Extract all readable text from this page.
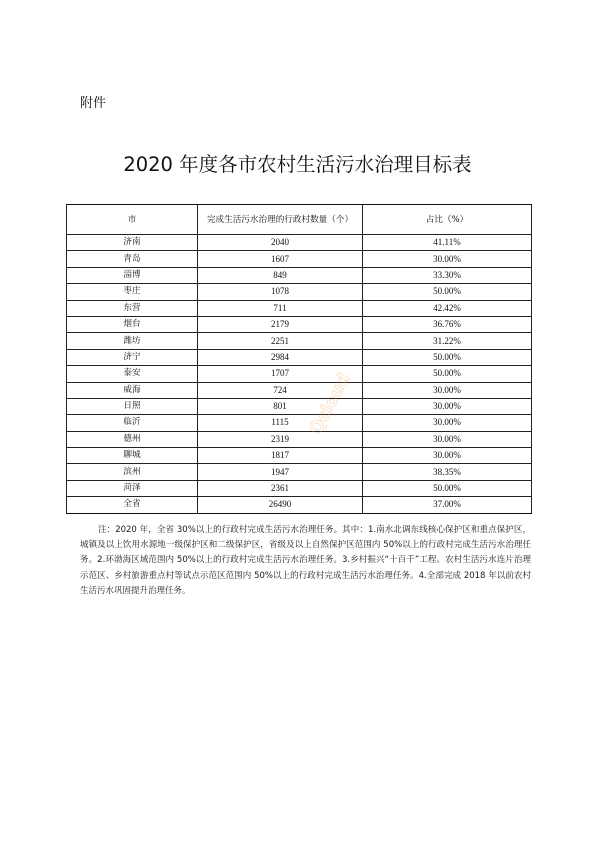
附件
2020 年度各市农村生活污水治理目标表
市	完成生活污水治理的行政村数量（个）	占比（%）
济南	2040	41.11%
青岛	1607	30.00%
淄博	849	33.30%
枣庄	1078	50.00%
东营	711	42.42%
烟台	2179	36.76%
潍坊	2251	31.22%
济宁	2984	50.00%
泰安	1707	50.00%
威海	724	30.00%
日照	801	30.00%
临沂	1115	30.00%
德州	2319	30.00%
聊城	1817	30.00%
滨州	1947	38.35%
菏泽	2361	50.00%
全省	26490	37.00%
注：2020 年，全省 30%以上的行政村完成生活污水治理任务。其中：1.南水北调东线核心保护区和重点保护区，城镇及以上饮用水源地一级保护区和二级保护区，省级及以上自然保护区范围内 50%以上的行政村完成生活污水治理任务。2.环渤海区域范围内 50%以上的行政村完成生活污水治理任务。3.乡村振兴“十百千”工程、农村生活污水连片治理示范区、乡村旅游重点村等试点示范区范围内 50%以上的行政村完成生活污水治理任务。4.全部完成 2018 年以前农村生活污水巩固提升治理任务。
Qcloud
